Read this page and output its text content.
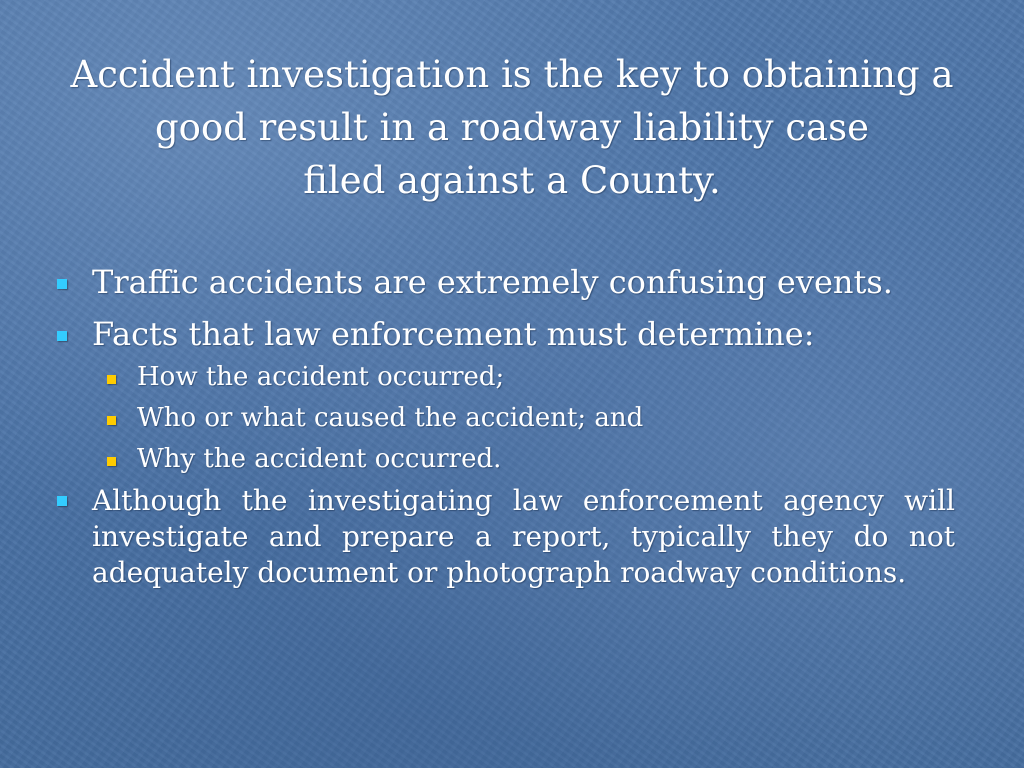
Accident investigation is the key to obtaining a
good result in a roadway liability case
filed against a County.
Traffic accidents are extremely confusing events.
Facts that law enforcement must determine:
How the accident occurred;
Who or what caused the accident; and
Why the accident occurred.
Although the investigating law enforcement agency will investigate and prepare a report, typically they do not adequately document or photograph roadway conditions.
